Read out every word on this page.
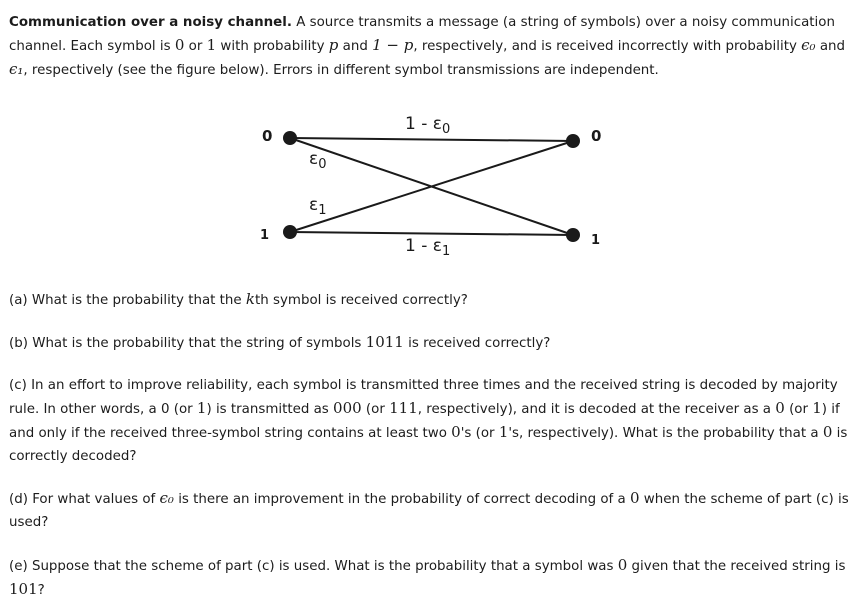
Communication over a noisy channel. A source transmits a message (a string of symbols) over a noisy communication channel. Each symbol is 0 or 1 with probability p and 1 − p, respectively, and is received incorrectly with probability ϵ₀ and ϵ₁, respectively (see the figure below). Errors in different symbol transmissions are independent.

0
1
0
1
$1 - \varepsilon_0$
$1 - \varepsilon_1$
$\varepsilon_0$
$\varepsilon_1$

(a) What is the probability that the kth symbol is received correctly?

(b) What is the probability that the string of symbols 1011 is received correctly?

(c) In an effort to improve reliability, each symbol is transmitted three times and the received string is decoded by majority rule. In other words, a 0 (or 1) is transmitted as 000 (or 111, respectively), and it is decoded at the receiver as a 0 (or 1) if and only if the received three-symbol string contains at least two 0's (or 1's, respectively). What is the probability that a 0 is correctly decoded?

(d) For what values of ϵ₀ is there an improvement in the probability of correct decoding of a 0 when the scheme of part (c) is used?

(e) Suppose that the scheme of part (c) is used. What is the probability that a symbol was 0 given that the received string is 101?
